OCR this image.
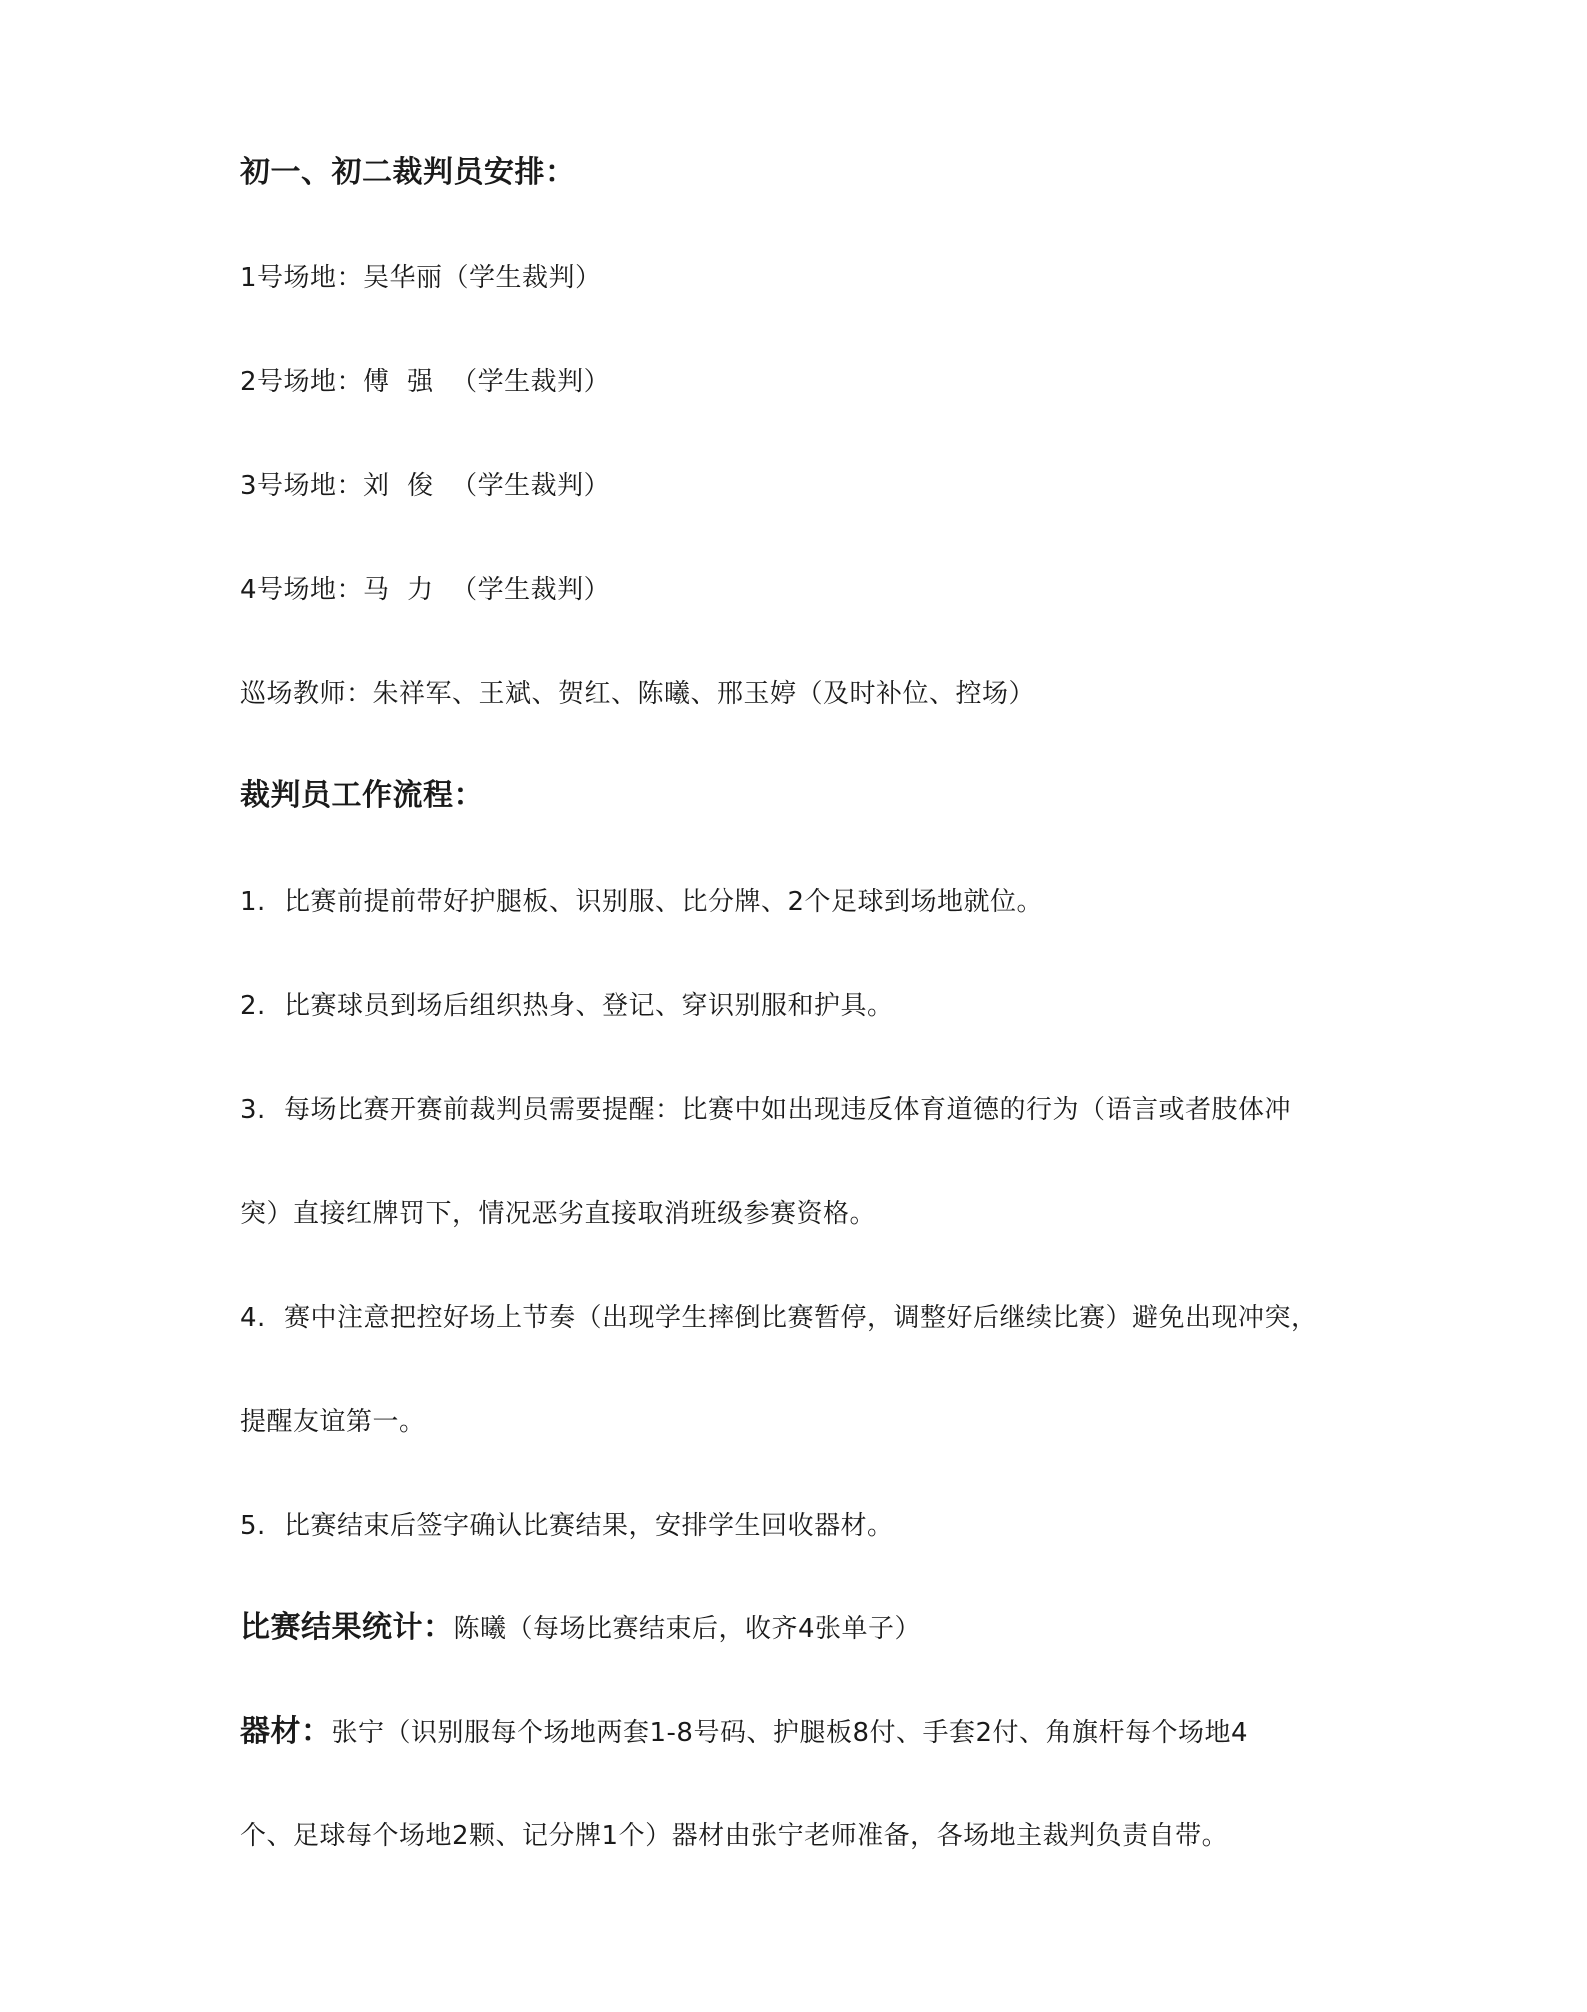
初一、初二裁判员安排：
1号场地：吴华丽（学生裁判）
2号场地：傅  强  （学生裁判）
3号场地：刘  俊  （学生裁判）
4号场地：马  力  （学生裁判）
巡场教师：朱祥军、王斌、贺红、陈曦、邢玉婷（及时补位、控场）
裁判员工作流程：
1. 比赛前提前带好护腿板、识别服、比分牌、2个足球到场地就位。
2. 比赛球员到场后组织热身、登记、穿识别服和护具。
3. 每场比赛开赛前裁判员需要提醒：比赛中如出现违反体育道德的行为（语言或者肢体冲
突）直接红牌罚下，情况恶劣直接取消班级参赛资格。
4. 赛中注意把控好场上节奏（出现学生摔倒比赛暂停，调整好后继续比赛）避免出现冲突，
提醒友谊第一。
5. 比赛结束后签字确认比赛结果，安排学生回收器材。
比赛结果统计：陈曦（每场比赛结束后，收齐4张单子）
器材：张宁（识别服每个场地两套1-8号码、护腿板8付、手套2付、角旗杆每个场地4
个、足球每个场地2颗、记分牌1个）器材由张宁老师准备，各场地主裁判负责自带。
